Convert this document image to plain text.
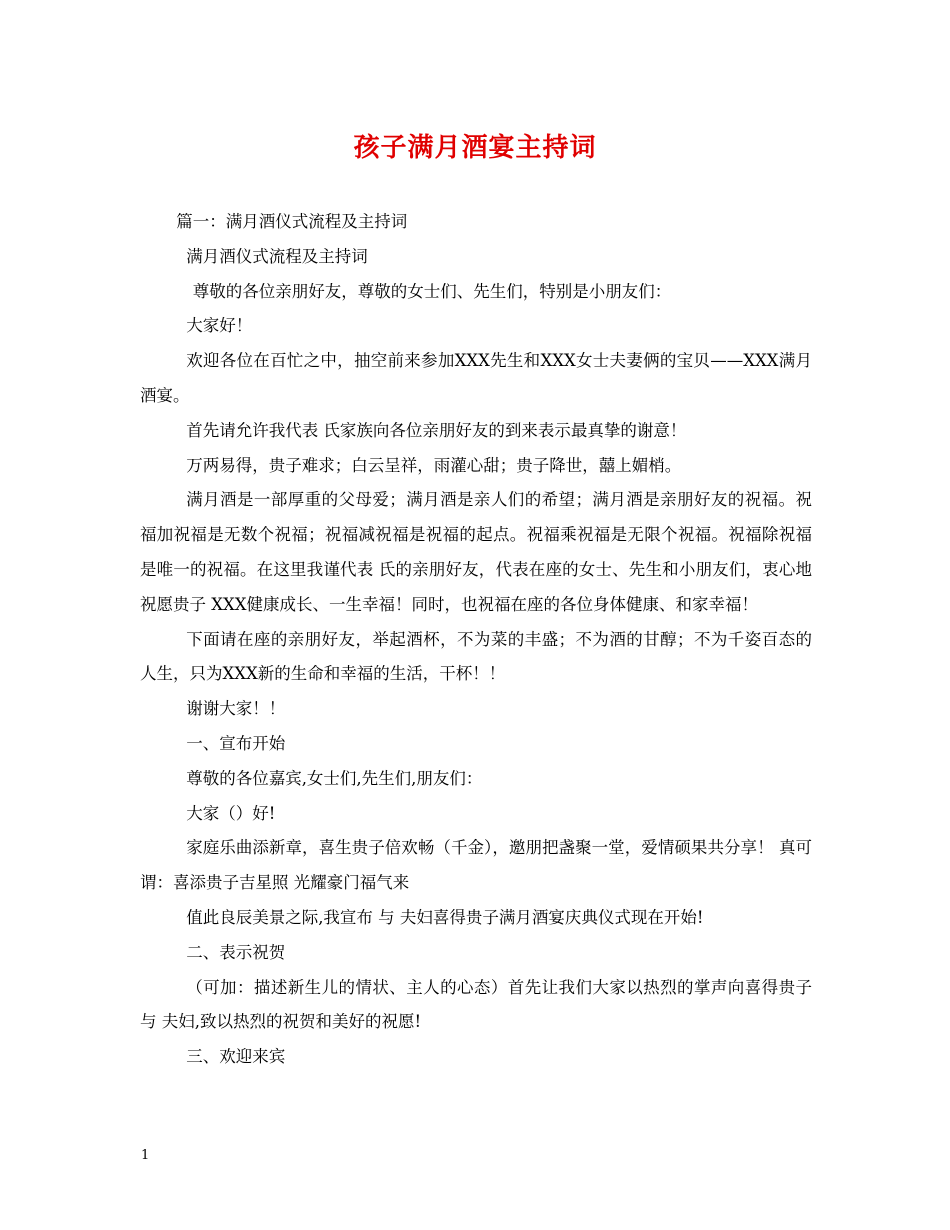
孩子满月酒宴主持词

篇一：满月酒仪式流程及主持词

满月酒仪式流程及主持词

尊敬的各位亲朋好友，尊敬的女士们、先生们，特别是小朋友们：

大家好！

欢迎各位在百忙之中，抽空前来参加XXX先生和XXX女士夫妻俩的宝贝——XXX满月酒宴。

首先请允许我代表 氏家族向各位亲朋好友的到来表示最真挚的谢意！

万两易得，贵子难求；白云呈祥，雨灌心甜；贵子降世，囍上媚梢。

满月酒是一部厚重的父母爱；满月酒是亲人们的希望；满月酒是亲朋好友的祝福。祝福加祝福是无数个祝福；祝福减祝福是祝福的起点。祝福乘祝福是无限个祝福。祝福除祝福是唯一的祝福。在这里我谨代表 氏的亲朋好友，代表在座的女士、先生和小朋友们，衷心地祝愿贵子 XXX健康成长、一生幸福！同时，也祝福在座的各位身体健康、和家幸福！

下面请在座的亲朋好友，举起酒杯，不为菜的丰盛；不为酒的甘醇；不为千姿百态的人生，只为XXX新的生命和幸福的生活，干杯！！

谢谢大家！！

一、宣布开始

尊敬的各位嘉宾,女士们,先生们,朋友们：

大家（）好!

家庭乐曲添新章，喜生贵子倍欢畅（千金），邀朋把盏聚一堂，爱情硕果共分享！ 真可谓：喜添贵子吉星照 光耀豪门福气来

值此良辰美景之际,我宣布 与 夫妇喜得贵子满月酒宴庆典仪式现在开始!

二、表示祝贺

（可加：描述新生儿的情状、主人的心态）首先让我们大家以热烈的掌声向喜得贵子 与 夫妇,致以热烈的祝贺和美好的祝愿!

三、欢迎来宾

1
